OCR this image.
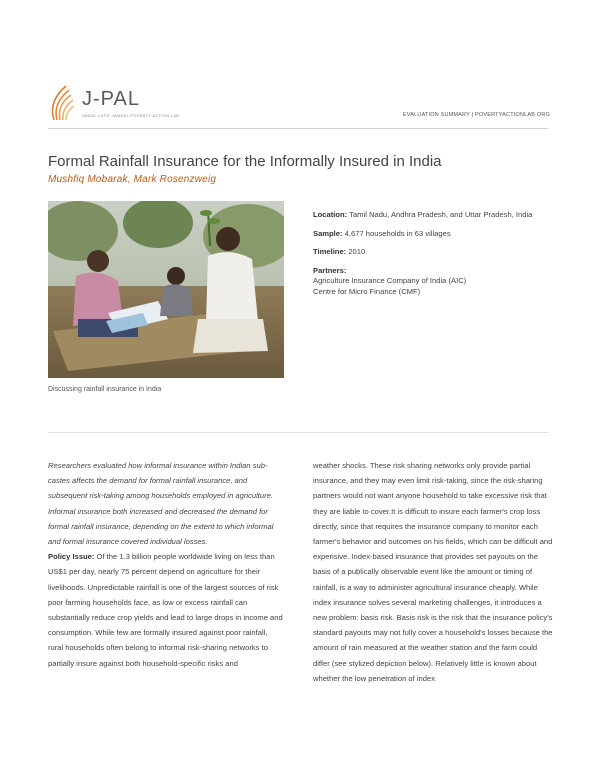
J-PAL
ABDUL LATIF JAMEEL POVERTY ACTION LAB	EVALUATION SUMMARY | POVERTYACTIONLAB.ORG
Formal Rainfall Insurance for the Informally Insured in India
Mushfiq Mobarak, Mark Rosenzweig
Discussing rainfall insurance in India

Location: Tamil Nadu, Andhra Pradesh, and Uttar Pradesh, India

Sample: 4,677 households in 63 villages

Timeline: 2010

Partners:
Agriculture Insurance Company of India (AIC)
Centre for Micro Finance (CMF)

Researchers evaluated how informal insurance within Indian sub-castes affects the demand for formal rainfall insurance, and subsequent risk-taking among households employed in agriculture. Informal insurance both increased and decreased the demand for formal rainfall insurance, depending on the extent to which informal and formal insurance covered individual losses.

Policy Issue: Of the 1.3 billion people worldwide living on less than US$1 per day, nearly 75 percent depend on agriculture for their livelihoods. Unpredictable rainfall is one of the largest sources of risk poor farming households face, as low or excess rainfall can substantially reduce crop yields and lead to large drops in income and consumption. While few are formally insured against poor rainfall, rural households often belong to informal risk-sharing networks to partially insure against both household-specific risks and

weather shocks. These risk sharing networks only provide partial insurance, and they may even limit risk-taking, since the risk-sharing partners would not want anyone household to take excessive risk that they are liable to cover.It is difficult to insure each farmer's crop loss directly, since that requires the insurance company to monitor each farmer's behavior and outcomes on his fields, which can be difficult and expensive. Index-based insurance that provides set payouts on the basis of a publically observable event like the amount or timing of rainfall, is a way to administer agricultural insurance cheaply. While index insurance solves several marketing challenges, it introduces a new problem: basis risk. Basis risk is the risk that the insurance policy's standard payouts may not fully cover a household's losses because the amount of rain measured at the weather station and the farm could differ (see stylized depiction below). Relatively little is known about whether the low penetration of index
